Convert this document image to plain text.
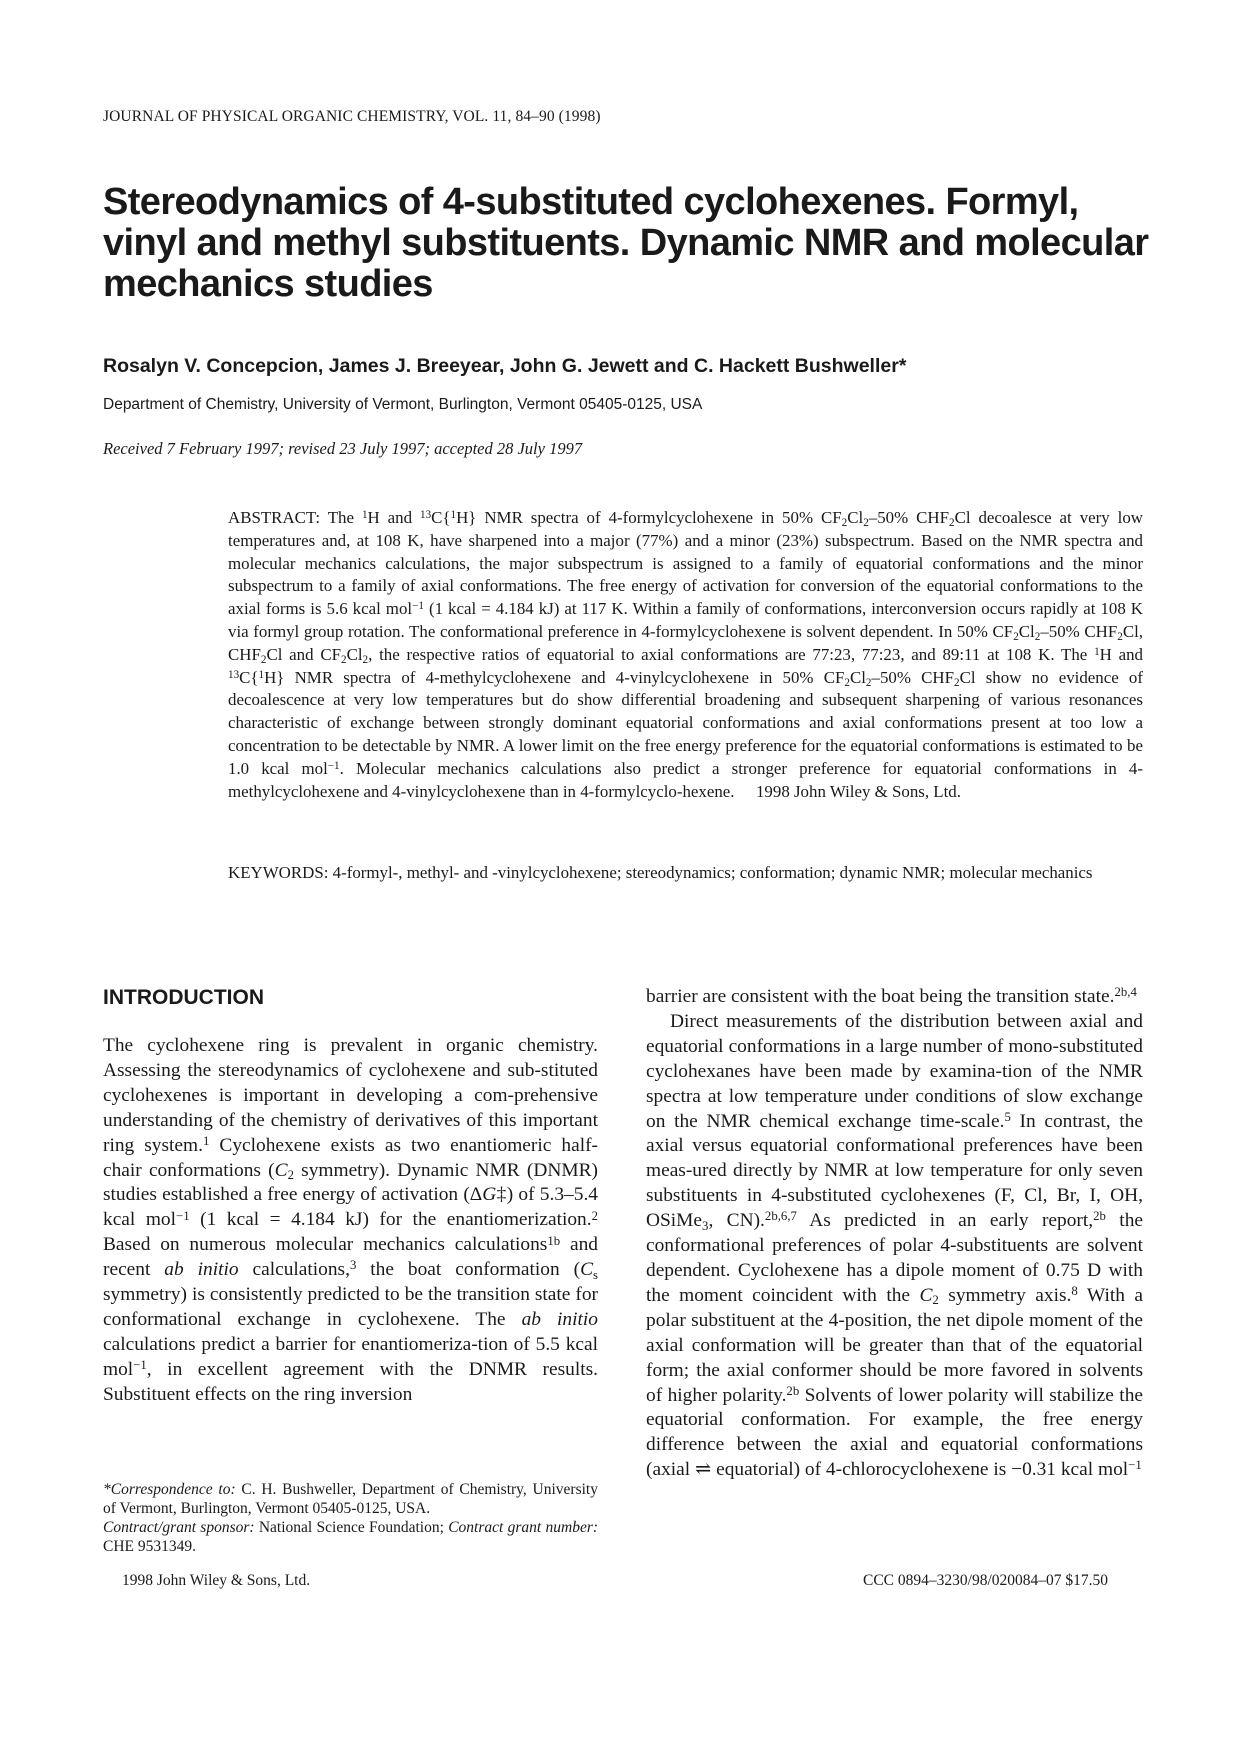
JOURNAL OF PHYSICAL ORGANIC CHEMISTRY, VOL. 11, 84–90 (1998)
Stereodynamics of 4-substituted cyclohexenes. Formyl,
vinyl and methyl substituents. Dynamic NMR and molecular
mechanics studies
Rosalyn V. Concepcion, James J. Breeyear, John G. Jewett and C. Hackett Bushweller*
Department of Chemistry, University of Vermont, Burlington, Vermont 05405-0125, USA
Received 7 February 1997; revised 23 July 1997; accepted 28 July 1997

ABSTRACT: The $^1$H and $^{13}$C{$^1$H} NMR spectra of 4-formylcyclohexene in 50% $CF_2Cl_2-50\%$ $CHF_2Cl$ decoalesce at very low temperatures and, at 108 K, have sharpened into a major (77%) and a minor (23%) subspectrum. Based on the NMR spectra and molecular mechanics calculations, the major subspectrum is assigned to a family of equatorial conformations and the minor subspectrum to a family of axial conformations. The free energy of activation for conversion of the equatorial conformations to the axial forms is 5.6 kcal mol$^{-1}$ (1 kcal = 4.184 kJ) at 117 K. Within a family of conformations, interconversion occurs rapidly at 108 K via formyl group rotation. The conformational preference in 4-formylcyclohexene is solvent dependent. In 50% $CF_2Cl_2-50\%$ $CHF_2Cl$, $CHF_2Cl$ and $CF_2Cl_2$, the respective ratios of equatorial to axial conformations are 77:23, 77:23, and 89:11 at 108 K. The $^1$H and $^{13}$C{$^1$H} NMR spectra of 4-methylcyclohexene and 4-vinylcyclohexene in 50% $CF_2Cl_2-50\%$ $CHF_2Cl$ show no evidence of decoalescence at very low temperatures but do show differential broadening and subsequent sharpening of various resonances characteristic of exchange between strongly dominant equatorial conformations and axial conformations present at too low a concentration to be detectable by NMR. A lower limit on the free energy preference for the equatorial conformations is estimated to be 1.0 kcal mol$^{-1}$. Molecular mechanics calculations also predict a stronger preference for equatorial conformations in 4-methylcyclohexene and 4-vinylcyclohexene than in 4-formylcyclo-hexene.  1998 John Wiley & Sons, Ltd.

KEYWORDS: 4-formyl-, methyl- and -vinylcyclohexene; stereodynamics; conformation; dynamic NMR; molecular mechanics

INTRODUCTION

The cyclohexene ring is prevalent in organic chemistry. Assessing the stereodynamics of cyclohexene and sub-stituted cyclohexenes is important in developing a com-prehensive understanding of the chemistry of derivatives of this important ring system.$^1$ Cyclohexene exists as two enantiomeric half-chair conformations ($C_2$ symmetry). Dynamic NMR (DNMR) studies established a free energy of activation (ΔG‡) of 5.3–5.4 kcal mol$^{-1}$ (1 kcal = 4.184 kJ) for the enantiomerization.$^2$ Based on numerous molecular mechanics calculations$^{1b}$ and recent ab initio calculations,$^3$ the boat conformation ($C_s$ symmetry) is consistently predicted to be the transition state for conformational exchange in cyclohexene. The ab initio calculations predict a barrier for enantiomeriza-tion of 5.5 kcal mol$^{-1}$, in excellent agreement with the DNMR results. Substituent effects on the ring inversion

barrier are consistent with the boat being the transition state.$^{2b,4}$

Direct measurements of the distribution between axial and equatorial conformations in a large number of mono-substituted cyclohexanes have been made by examina-tion of the NMR spectra at low temperature under conditions of slow exchange on the NMR chemical exchange time-scale.$^5$ In contrast, the axial versus equatorial conformational preferences have been meas-ured directly by NMR at low temperature for only seven substituents in 4-substituted cyclohexenes (F, Cl, Br, I, OH, OSiMe$_3$, CN).$^{2b,6,7}$ As predicted in an early report,$^{2b}$ the conformational preferences of polar 4-substituents are solvent dependent. Cyclohexene has a dipole moment of 0.75 D with the moment coincident with the $C_2$ symmetry axis.$^8$ With a polar substituent at the 4-position, the net dipole moment of the axial conformation will be greater than that of the equatorial form; the axial conformer should be more favored in solvents of higher polarity.$^{2b}$ Solvents of lower polarity will stabilize the equatorial conformation. For example, the free energy difference between the axial and equatorial conformations (axial ⇌ equatorial) of 4-chlorocyclohexene is −0.31 kcal mol$^{-1}$

*Correspondence to: C. H. Bushweller, Department of Chemistry, University of Vermont, Burlington, Vermont 05405-0125, USA.
Contract/grant sponsor: National Science Foundation; Contract grant number: CHE 9531349.

1998 John Wiley & Sons, Ltd.	CCC 0894–3230/98/020084–07 $17.50
